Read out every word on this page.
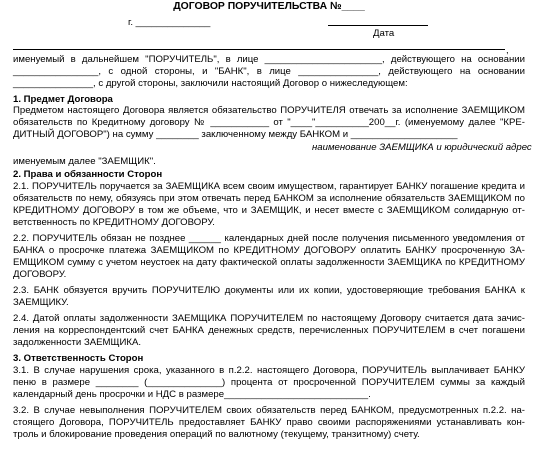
ДОГОВОР ПОРУЧИТЕЛЬСТВА №____
г. ______________
Дата
,
именуемый в дальнейшем "ПОРУЧИТЕЛЬ", в лице ______________________, действующего на основании
________________, с одной стороны, и "БАНК", в лице _______________, действующего на основании
_______________, с другой стороны, заключили настоящий Договор о нижеследующем:
1. Предмет Договора
Предметом настоящего Договора является обязательство ПОРУЧИТЕЛЯ отвечать за исполнение ЗАЕМЩИКОМ
обязательств по Кредитному договору № ___________ от "____"__________200__г. (именуемому далее "КРЕ-
ДИТНЫЙ ДОГОВОР") на сумму ________ заключенному между БАНКОМ и ____________________
наименование ЗАЕМЩИКА и юридический адрес
именуемым далее "ЗАЕМЩИК".
2. Права и обязанности Сторон
2.1. ПОРУЧИТЕЛЬ поручается за ЗАЕМЩИКА всем своим имуществом, гарантирует БАНКУ погашение кредита и
обязательств по нему, обязуясь при этом отвечать перед БАНКОМ за исполнение обязательств ЗАЕМЩИКОМ по
КРЕДИТНОМУ ДОГОВОРУ в том же объеме, что и ЗАЕМЩИК, и несет вместе с ЗАЕМЩИКОМ солидарную от-
ветственность по КРЕДИТНОМУ ДОГОВОРУ.
2.2. ПОРУЧИТЕЛЬ обязан не позднее ______ календарных дней после получения письменного уведомления от
БАНКА о просрочке платежа ЗАЕМЩИКОМ по КРЕДИТНОМУ ДОГОВОРУ оплатить БАНКУ просроченную ЗА-
ЕМЩИКОМ сумму с учетом неустоек на дату фактической оплаты задолженности ЗАЕМЩИКА по КРЕДИТНОМУ
ДОГОВОРУ.
2.3. БАНК обязуется вручить ПОРУЧИТЕЛЮ документы или их копии, удостоверяющие требования БАНКА к
ЗАЕМЩИКУ.
2.4. Датой оплаты задолженности ЗАЕМЩИКА ПОРУЧИТЕЛЕМ по настоящему Договору считается дата зачис-
ления на корреспондентский счет БАНКА денежных средств, перечисленных ПОРУЧИТЕЛЕМ в счет погашени
задолженности ЗАЕМЩИКА.
3. Ответственность Сторон
3.1. В случае нарушения срока, указанного в п.2.2. настоящего Договора, ПОРУЧИТЕЛЬ выплачивает БАНКУ
пеню в размере ________ (______________) процента от просроченной ПОРУЧИТЕЛЕМ суммы за каждый
календарный день просрочки и НДС в размере___________________________.
3.2. В случае невыполнения ПОРУЧИТЕЛЕМ своих обязательств перед БАНКОМ, предусмотренных п.2.2. на-
стоящего Договора, ПОРУЧИТЕЛЬ предоставляет БАНКУ право своими распоряжениями устанавливать кон-
троль и блокирование проведения операций по валютному (текущему, транзитному) счету.
